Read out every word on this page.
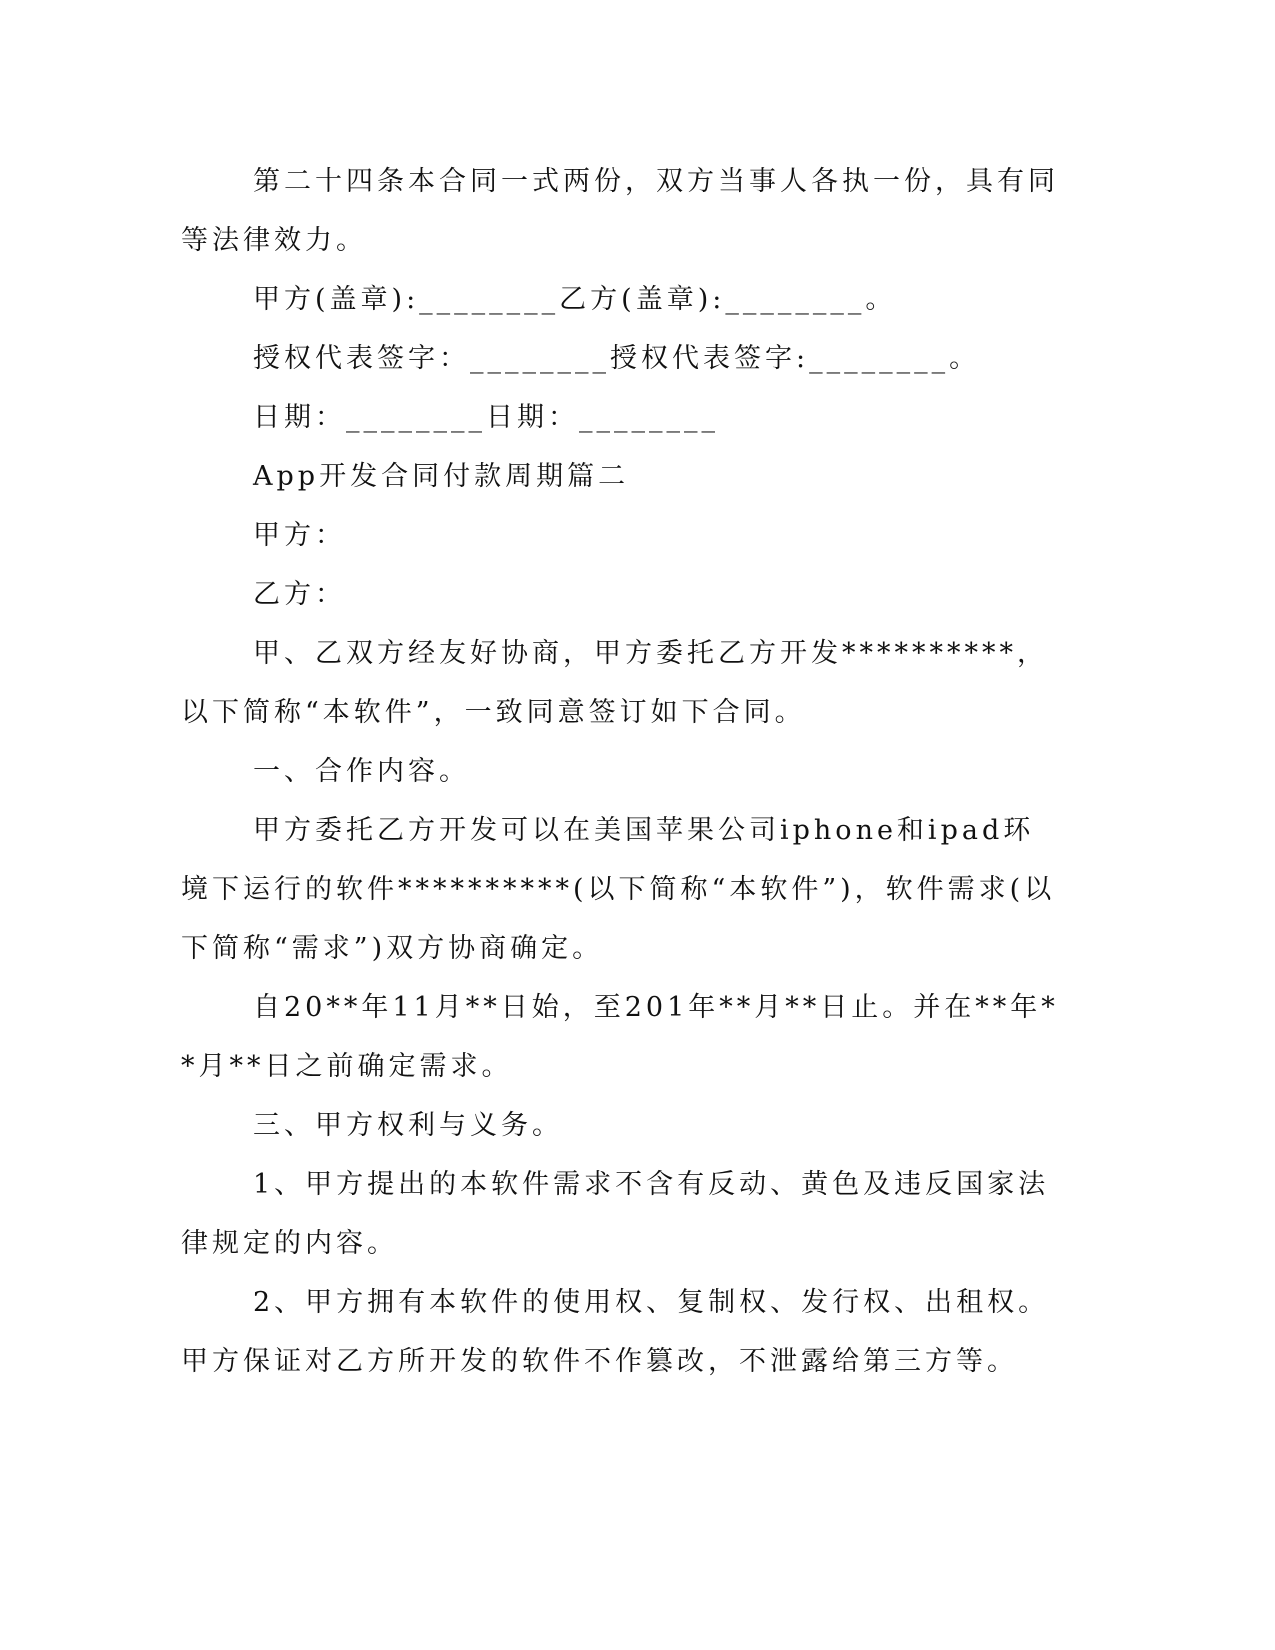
第二十四条本合同一式两份，双方当事人各执一份，具有同等法律效力。

甲方(盖章):________乙方(盖章):________。

授权代表签字：________授权代表签字:________。

日期：________日期：________

App开发合同付款周期篇二

甲方：

乙方：

甲、乙双方经友好协商，甲方委托乙方开发**********，以下简称“本软件”，一致同意签订如下合同。

一、合作内容。

甲方委托乙方开发可以在美国苹果公司iphone和ipad环境下运行的软件**********(以下简称“本软件”)，软件需求(以下简称“需求”)双方协商确定。

自20**年11月**日始，至201年**月**日止。并在**年**月**日之前确定需求。

三、甲方权利与义务。

1、甲方提出的本软件需求不含有反动、黄色及违反国家法律规定的内容。

2、甲方拥有本软件的使用权、复制权、发行权、出租权。甲方保证对乙方所开发的软件不作篡改，不泄露给第三方等。
